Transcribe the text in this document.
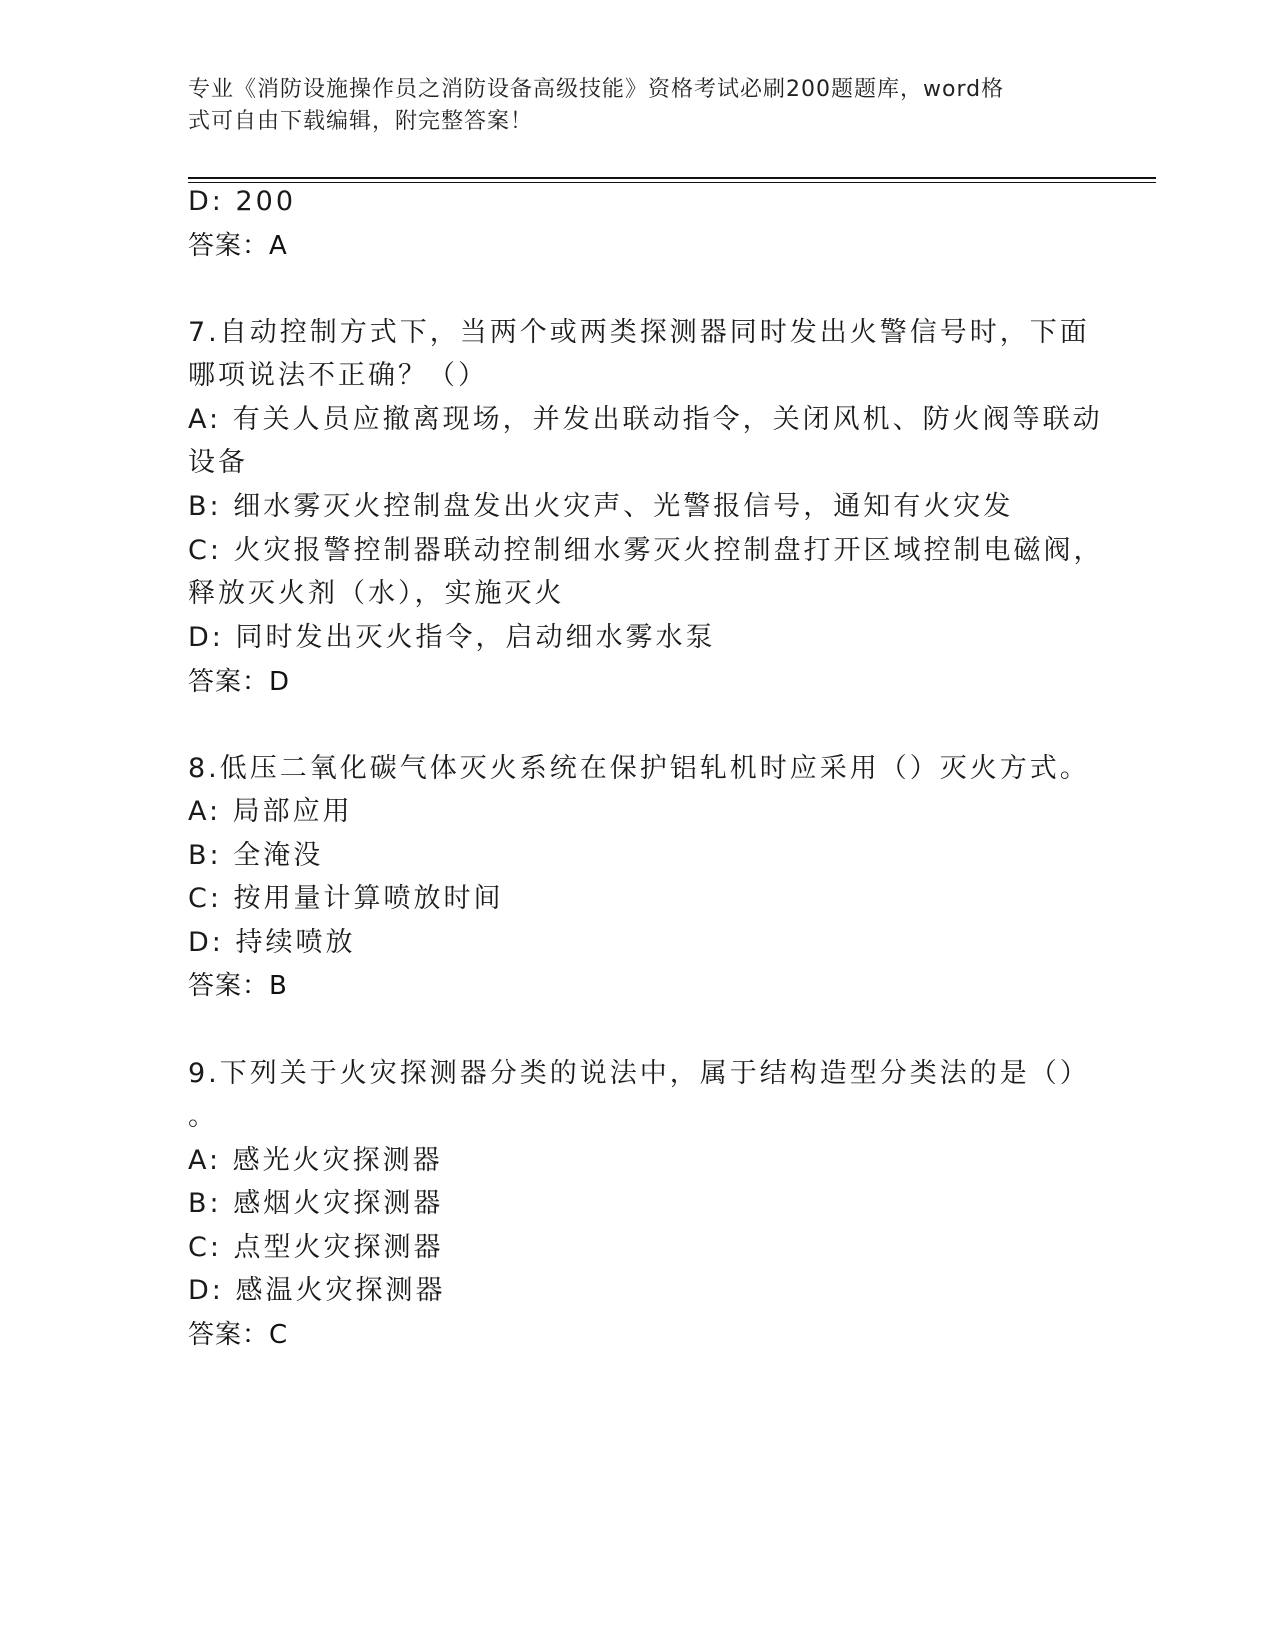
专业《消防设施操作员之消防设备高级技能》资格考试必刷200题题库，word格
式可自由下载编辑，附完整答案！
D: 200
答案：A
7.自动控制方式下，当两个或两类探测器同时发出火警信号时，下面
哪项说法不正确？（）
A: 有关人员应撤离现场，并发出联动指令，关闭风机、防火阀等联动
设备
B: 细水雾灭火控制盘发出火灾声、光警报信号，通知有火灾发
C: 火灾报警控制器联动控制细水雾灭火控制盘打开区域控制电磁阀，
释放灭火剂（水），实施灭火
D: 同时发出灭火指令，启动细水雾水泵
答案：D
8.低压二氧化碳气体灭火系统在保护铝轧机时应采用（）灭火方式。
A: 局部应用
B: 全淹没
C: 按用量计算喷放时间
D: 持续喷放
答案：B
9.下列关于火灾探测器分类的说法中，属于结构造型分类法的是（）
。
A: 感光火灾探测器
B: 感烟火灾探测器
C: 点型火灾探测器
D: 感温火灾探测器
答案：C
